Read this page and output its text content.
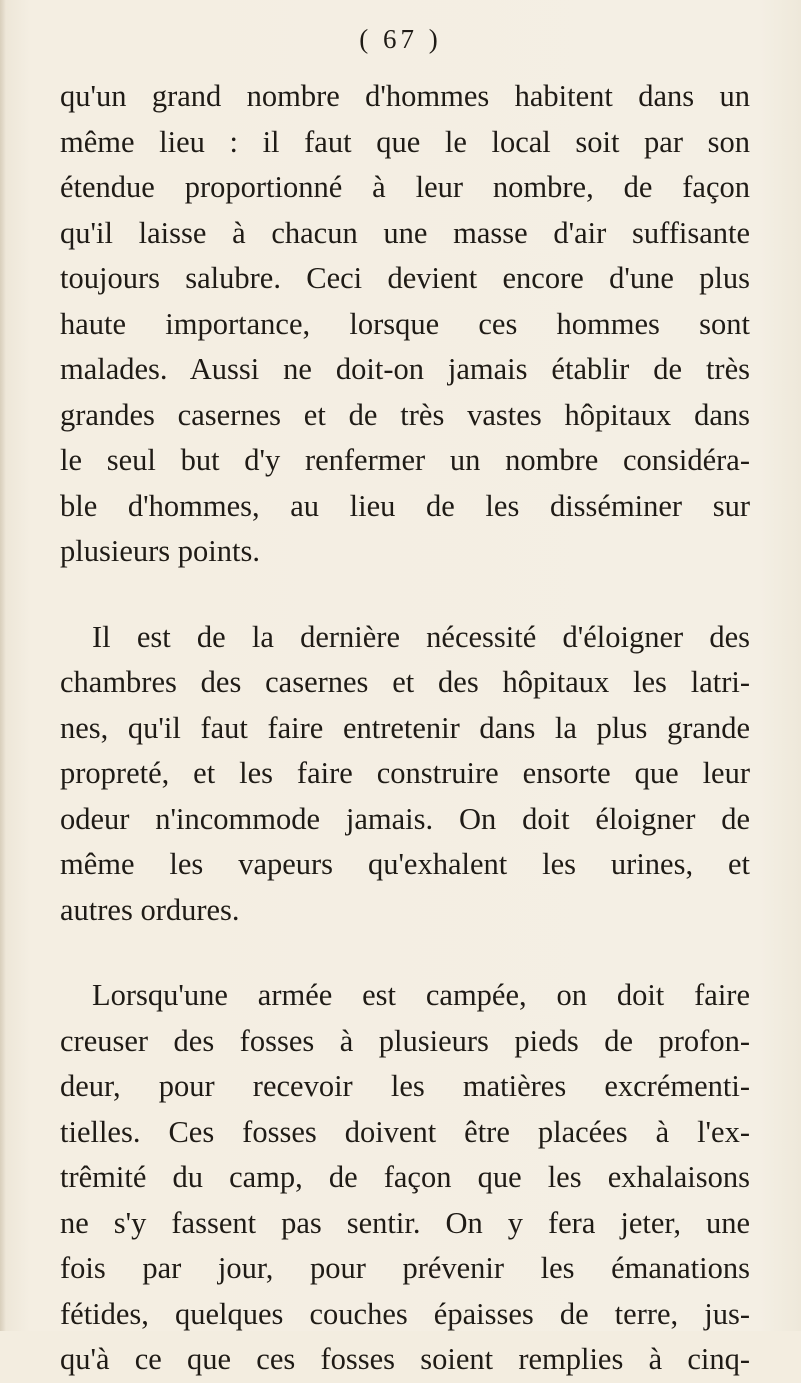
( 67 )
qu'un grand nombre d'hommes habitent dans un
même lieu : il faut que le local soit par son
étendue proportionné à leur nombre, de façon
qu'il laisse à chacun une masse d'air suffisante
toujours salubre. Ceci devient encore d'une plus
haute importance, lorsque ces hommes sont
malades. Aussi ne doit-on jamais établir de très
grandes casernes et de très vastes hôpitaux dans
le seul but d'y renfermer un nombre considéra-
ble d'hommes, au lieu de les disséminer sur
plusieurs points.
Il est de la dernière nécessité d'éloigner des
chambres des casernes et des hôpitaux les latri-
nes, qu'il faut faire entretenir dans la plus grande
propreté, et les faire construire ensorte que leur
odeur n'incommode jamais. On doit éloigner de
même les vapeurs qu'exhalent les urines, et
autres ordures.
Lorsqu'une armée est campée, on doit faire
creuser des fosses à plusieurs pieds de profon-
deur, pour recevoir les matières excrémenti-
tielles. Ces fosses doivent être placées à l'ex-
trêmité du camp, de façon que les exhalaisons
ne s'y fassent pas sentir. On y fera jeter, une
fois par jour, pour prévenir les émanations
fétides, quelques couches épaisses de terre, jus-
qu'à ce que ces fosses soient remplies à cinq-
